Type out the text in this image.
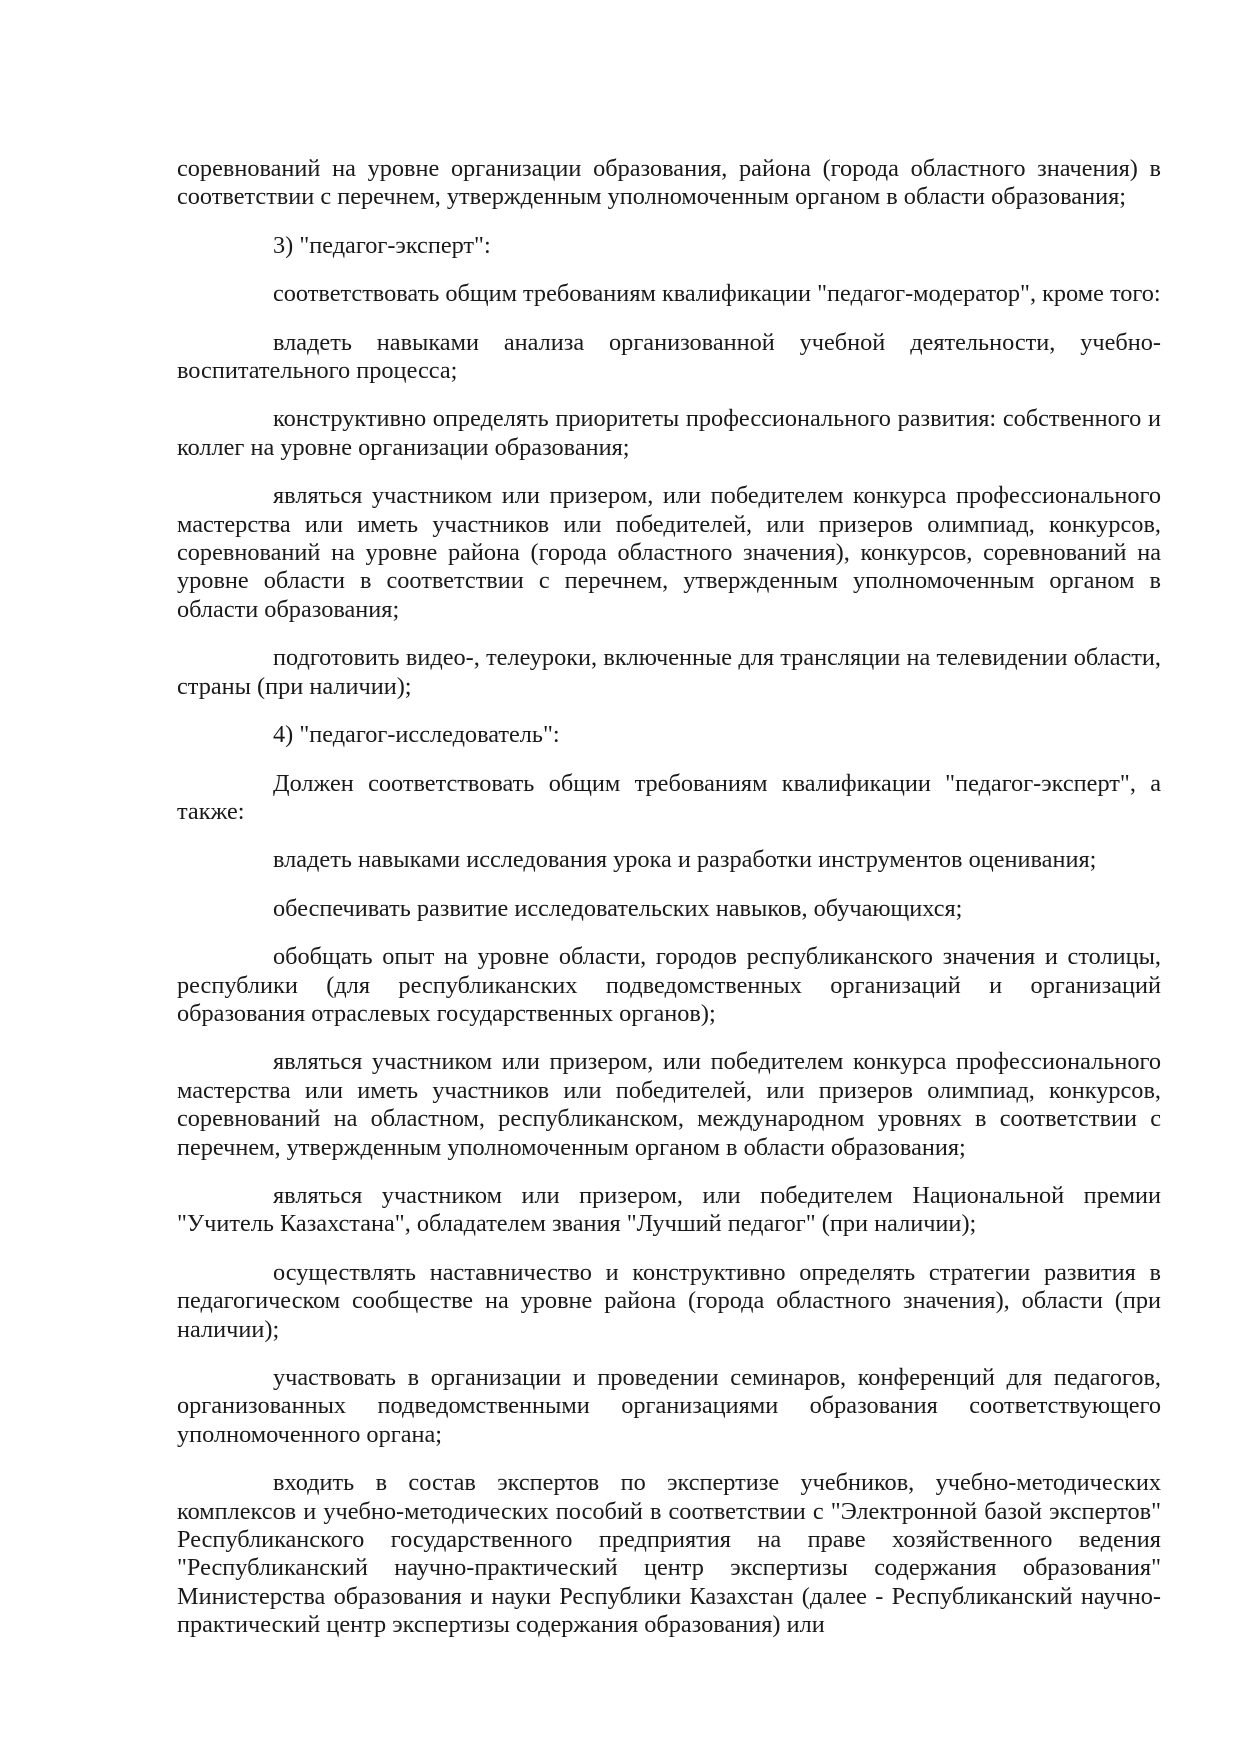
соревнований на уровне организации образования, района (города областного значения) в соответствии с перечнем, утвержденным уполномоченным органом в области образования;

3) "педагог-эксперт":

соответствовать общим требованиям квалификации "педагог-модератор", кроме того:

владеть навыками анализа организованной учебной деятельности, учебно-воспитательного процесса;

конструктивно определять приоритеты профессионального развития: собственного и коллег на уровне организации образования;

являться участником или призером, или победителем конкурса профессионального мастерства или иметь участников или победителей, или призеров олимпиад, конкурсов, соревнований на уровне района (города областного значения), конкурсов, соревнований на уровне области в соответствии с перечнем, утвержденным уполномоченным органом в области образования;

подготовить видео-, телеуроки, включенные для трансляции на телевидении области, страны (при наличии);

4) "педагог-исследователь":

Должен соответствовать общим требованиям квалификации "педагог-эксперт", а также:

владеть навыками исследования урока и разработки инструментов оценивания;

обеспечивать развитие исследовательских навыков, обучающихся;

обобщать опыт на уровне области, городов республиканского значения и столицы, республики (для республиканских подведомственных организаций и организаций образования отраслевых государственных органов);

являться участником или призером, или победителем конкурса профессионального мастерства или иметь участников или победителей, или призеров олимпиад, конкурсов, соревнований на областном, республиканском, международном уровнях в соответствии с перечнем, утвержденным уполномоченным органом в области образования;

являться участником или призером, или победителем Национальной премии "Учитель Казахстана", обладателем звания "Лучший педагог" (при наличии);

осуществлять наставничество и конструктивно определять стратегии развития в педагогическом сообществе на уровне района (города областного значения), области (при наличии);

участвовать в организации и проведении семинаров, конференций для педагогов, организованных подведомственными организациями образования соответствующего уполномоченного органа;

входить в состав экспертов по экспертизе учебников, учебно-методических комплексов и учебно-методических пособий в соответствии с "Электронной базой экспертов" Республиканского государственного предприятия на праве хозяйственного ведения "Республиканский научно-практический центр экспертизы содержания образования" Министерства образования и науки Республики Казахстан (далее - Республиканский научно-практический центр экспертизы содержания образования) или
